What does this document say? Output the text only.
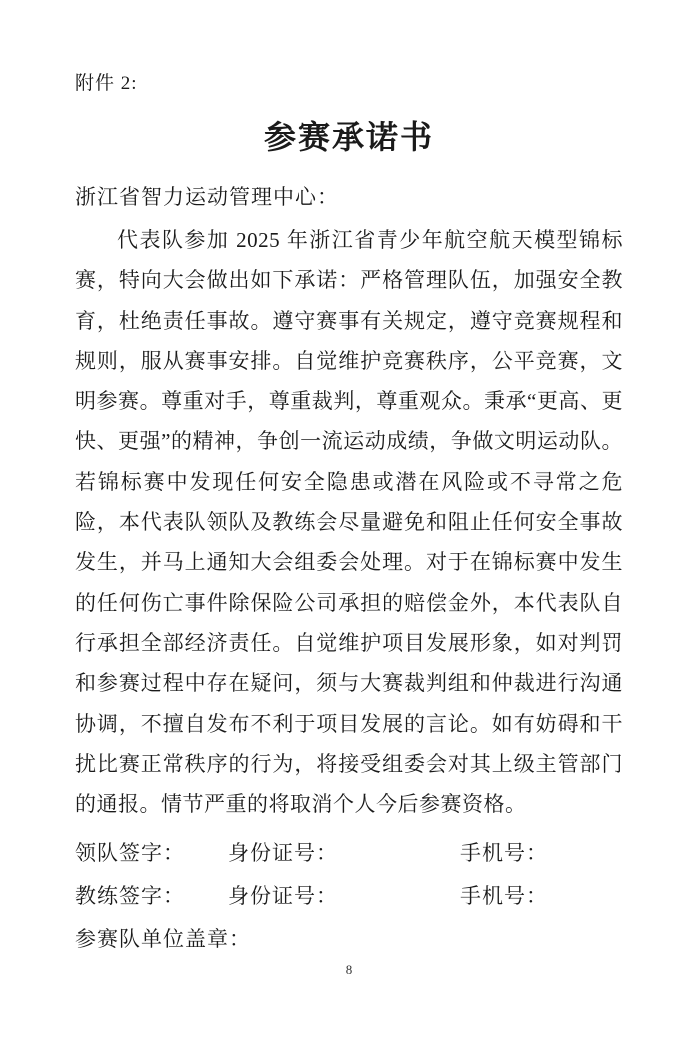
附件 2:
参赛承诺书
浙江省智力运动管理中心：

代表队参加 2025 年浙江省青少年航空航天模型锦标赛，特向大会做出如下承诺：严格管理队伍，加强安全教育，杜绝责任事故。遵守赛事有关规定，遵守竞赛规程和规则，服从赛事安排。自觉维护竞赛秩序，公平竞赛，文明参赛。尊重对手，尊重裁判，尊重观众。秉承“更高、更快、更强”的精神，争创一流运动成绩，争做文明运动队。若锦标赛中发现任何安全隐患或潜在风险或不寻常之危险，本代表队领队及教练会尽量避免和阻止任何安全事故发生，并马上通知大会组委会处理。对于在锦标赛中发生的任何伤亡事件除保险公司承担的赔偿金外，本代表队自行承担全部经济责任。自觉维护项目发展形象，如对判罚和参赛过程中存在疑问，须与大赛裁判组和仲裁进行沟通协调，不擅自发布不利于项目发展的言论。如有妨碍和干扰比赛正常秩序的行为，将接受组委会对其上级主管部门的通报。情节严重的将取消个人今后参赛资格。

领队签字：	身份证号：	手机号：
教练签字：	身份证号：	手机号：
参赛队单位盖章：
8
